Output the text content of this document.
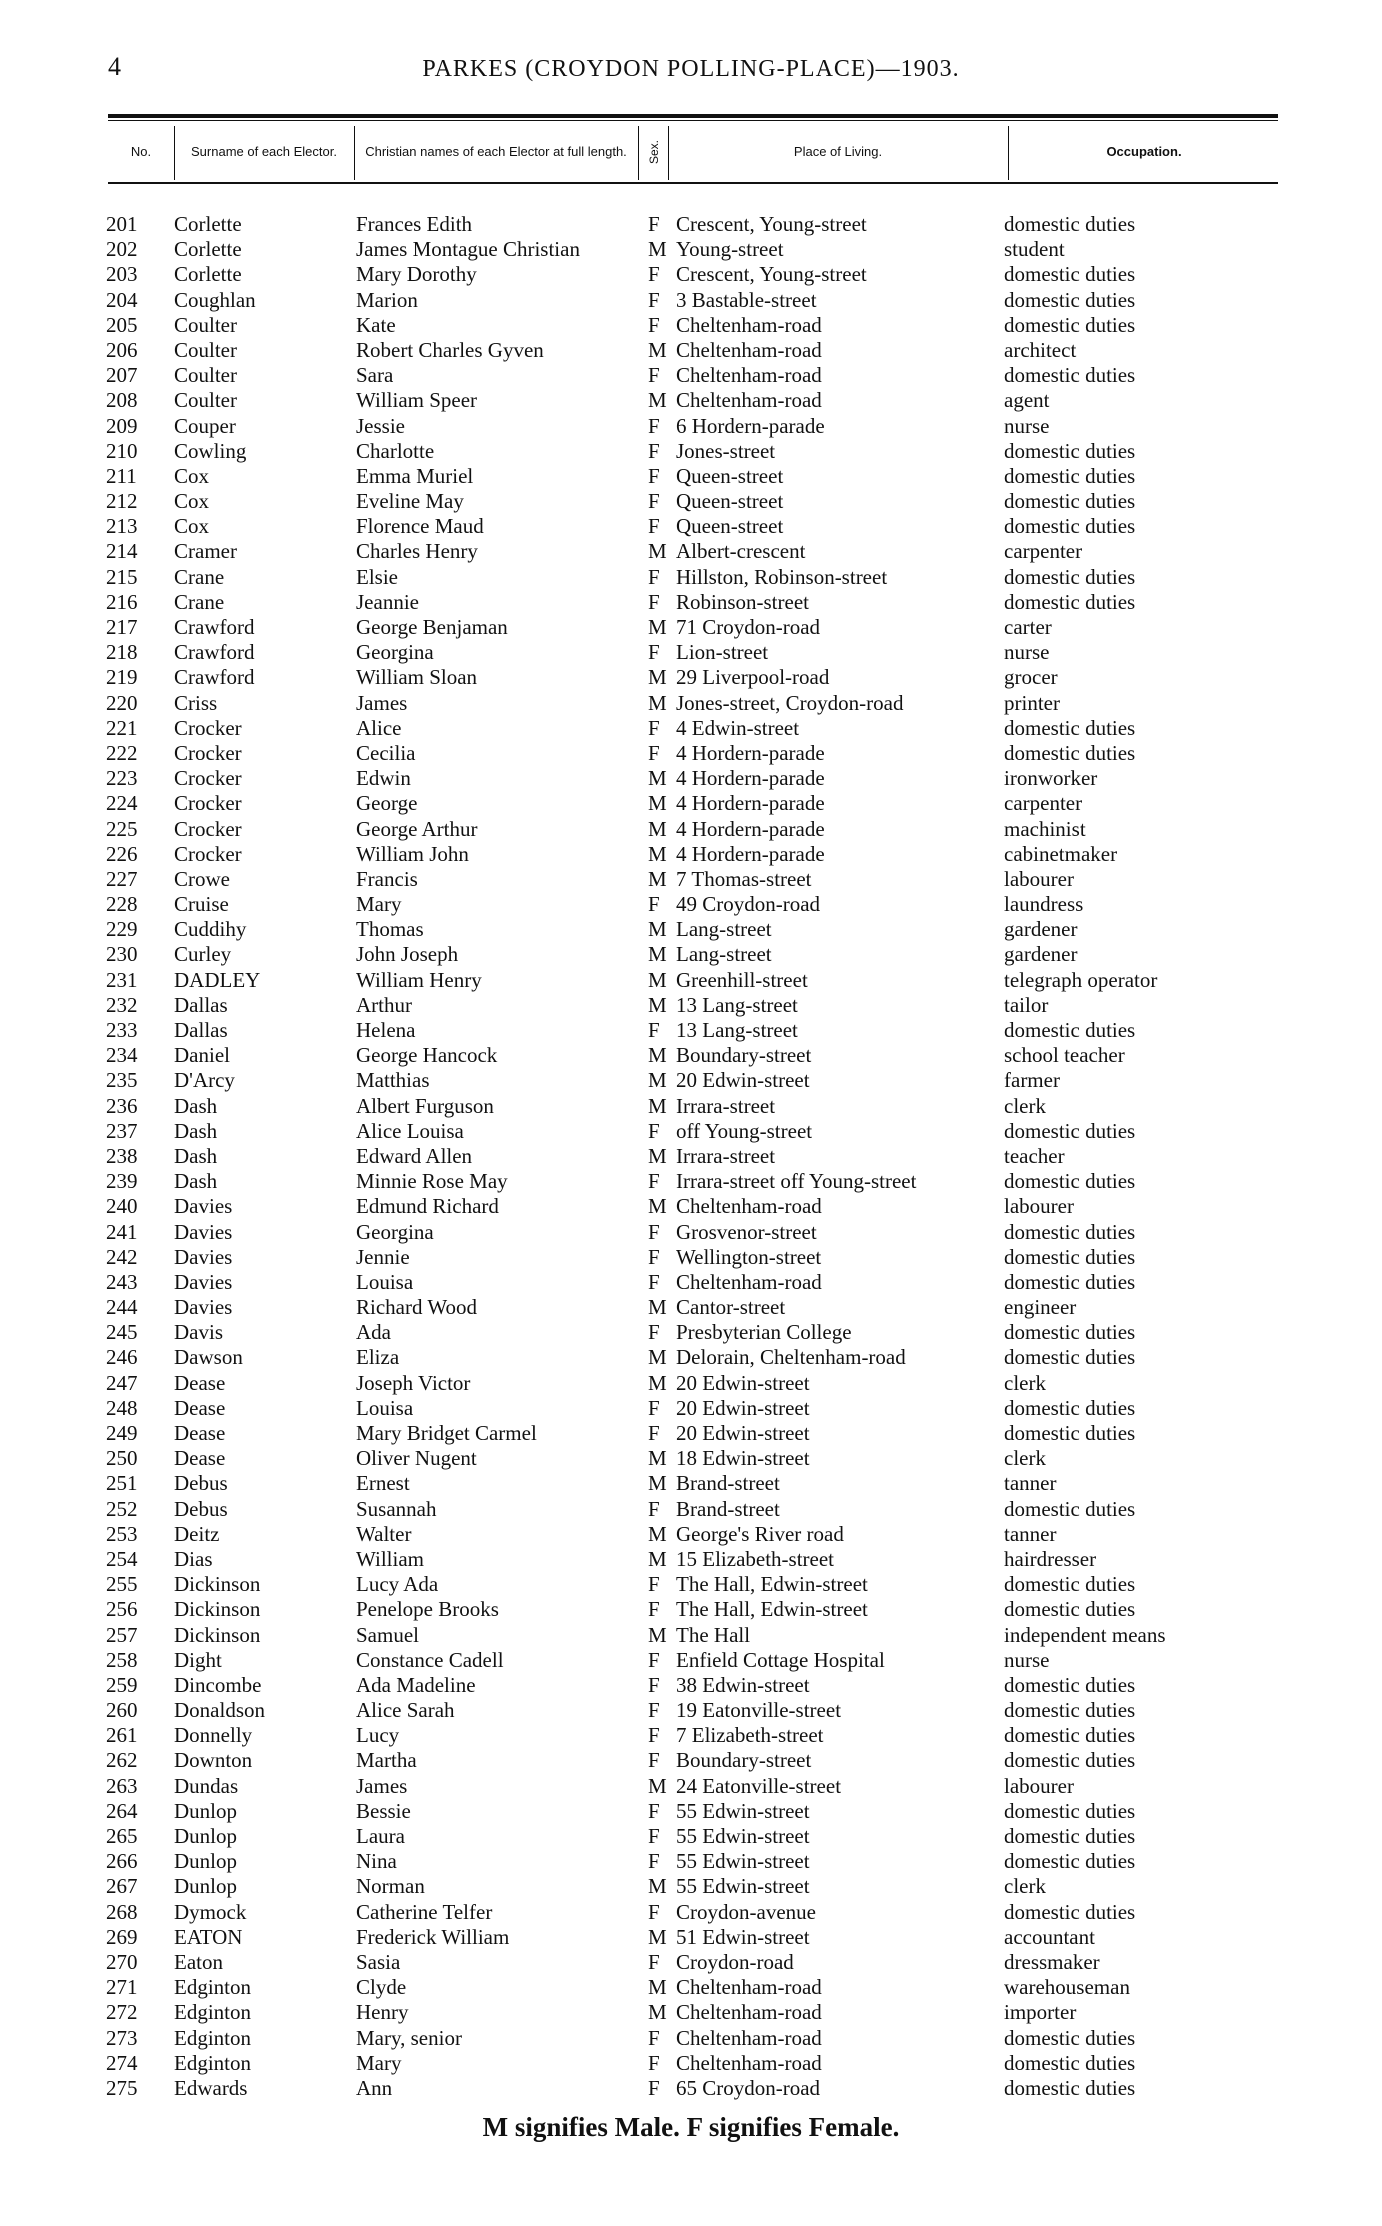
4	PARKES (CROYDON POLLING-PLACE)—1903.
No.	Surname of each Elector.	Christian names of each Elector at full length.	Sex.	Place of Living.	Occupation.
201	Corlette	Frances Edith	F Crescent, Young-street	domestic duties
202	Corlette	James Montague Christian	M Young-street	student
203	Corlette	Mary Dorothy	F Crescent, Young-street	domestic duties
204	Coughlan	Marion	F 3 Bastable-street	domestic duties
205	Coulter	Kate	F Cheltenham-road	domestic duties
206	Coulter	Robert Charles Gyven	M Cheltenham-road	architect
207	Coulter	Sara	F Cheltenham-road	domestic duties
208	Coulter	William Speer	M Cheltenham-road	agent
209	Couper	Jessie	F 6 Hordern-parade	nurse
210	Cowling	Charlotte	F Jones-street	domestic duties
211	Cox	Emma Muriel	F Queen-street	domestic duties
212	Cox	Eveline May	F Queen-street	domestic duties
213	Cox	Florence Maud	F Queen-street	domestic duties
214	Cramer	Charles Henry	M Albert-crescent	carpenter
215	Crane	Elsie	F Hillston, Robinson-street	domestic duties
216	Crane	Jeannie	F Robinson-street	domestic duties
217	Crawford	George Benjaman	M 71 Croydon-road	carter
218	Crawford	Georgina	F Lion-street	nurse
219	Crawford	William Sloan	M 29 Liverpool-road	grocer
220	Criss	James	M Jones-street, Croydon-road	printer
221	Crocker	Alice	F 4 Edwin-street	domestic duties
222	Crocker	Cecilia	F 4 Hordern-parade	domestic duties
223	Crocker	Edwin	M 4 Hordern-parade	ironworker
224	Crocker	George	M 4 Hordern-parade	carpenter
225	Crocker	George Arthur	M 4 Hordern-parade	machinist
226	Crocker	William John	M 4 Hordern-parade	cabinetmaker
227	Crowe	Francis	M 7 Thomas-street	labourer
228	Cruise	Mary	F 49 Croydon-road	laundress
229	Cuddihy	Thomas	M Lang-street	gardener
230	Curley	John Joseph	M Lang-street	gardener
231	DADLEY	William Henry	M Greenhill-street	telegraph operator
232	Dallas	Arthur	M 13 Lang-street	tailor
233	Dallas	Helena	F 13 Lang-street	domestic duties
234	Daniel	George Hancock	M Boundary-street	school teacher
235	D'Arcy	Matthias	M 20 Edwin-street	farmer
236	Dash	Albert Furguson	M Irrara-street	clerk
237	Dash	Alice Louisa	F off Young-street	domestic duties
238	Dash	Edward Allen	M Irrara-street	teacher
239	Dash	Minnie Rose May	F Irrara-street off Young-street	domestic duties
240	Davies	Edmund Richard	M Cheltenham-road	labourer
241	Davies	Georgina	F Grosvenor-street	domestic duties
242	Davies	Jennie	F Wellington-street	domestic duties
243	Davies	Louisa	F Cheltenham-road	domestic duties
244	Davies	Richard Wood	M Cantor-street	engineer
245	Davis	Ada	F Presbyterian College	domestic duties
246	Dawson	Eliza	M Delorain, Cheltenham-road	domestic duties
247	Dease	Joseph Victor	M 20 Edwin-street	clerk
248	Dease	Louisa	F 20 Edwin-street	domestic duties
249	Dease	Mary Bridget Carmel	F 20 Edwin-street	domestic duties
250	Dease	Oliver Nugent	M 18 Edwin-street	clerk
251	Debus	Ernest	M Brand-street	tanner
252	Debus	Susannah	F Brand-street	domestic duties
253	Deitz	Walter	M George's River road	tanner
254	Dias	William	M 15 Elizabeth-street	hairdresser
255	Dickinson	Lucy Ada	F The Hall, Edwin-street	domestic duties
256	Dickinson	Penelope Brooks	F The Hall, Edwin-street	domestic duties
257	Dickinson	Samuel	M The Hall	independent means
258	Dight	Constance Cadell	F Enfield Cottage Hospital	nurse
259	Dincombe	Ada Madeline	F 38 Edwin-street	domestic duties
260	Donaldson	Alice Sarah	F 19 Eatonville-street	domestic duties
261	Donnelly	Lucy	F 7 Elizabeth-street	domestic duties
262	Downton	Martha	F Boundary-street	domestic duties
263	Dundas	James	M 24 Eatonville-street	labourer
264	Dunlop	Bessie	F 55 Edwin-street	domestic duties
265	Dunlop	Laura	F 55 Edwin-street	domestic duties
266	Dunlop	Nina	F 55 Edwin-street	domestic duties
267	Dunlop	Norman	M 55 Edwin-street	clerk
268	Dymock	Catherine Telfer	F Croydon-avenue	domestic duties
269	EATON	Frederick William	M 51 Edwin-street	accountant
270	Eaton	Sasia	F Croydon-road	dressmaker
271	Edginton	Clyde	M Cheltenham-road	warehouseman
272	Edginton	Henry	M Cheltenham-road	importer
273	Edginton	Mary, senior	F Cheltenham-road	domestic duties
274	Edginton	Mary	F Cheltenham-road	domestic duties
275	Edwards	Ann	F 65 Croydon-road	domestic duties
M signifies Male. F signifies Female.
